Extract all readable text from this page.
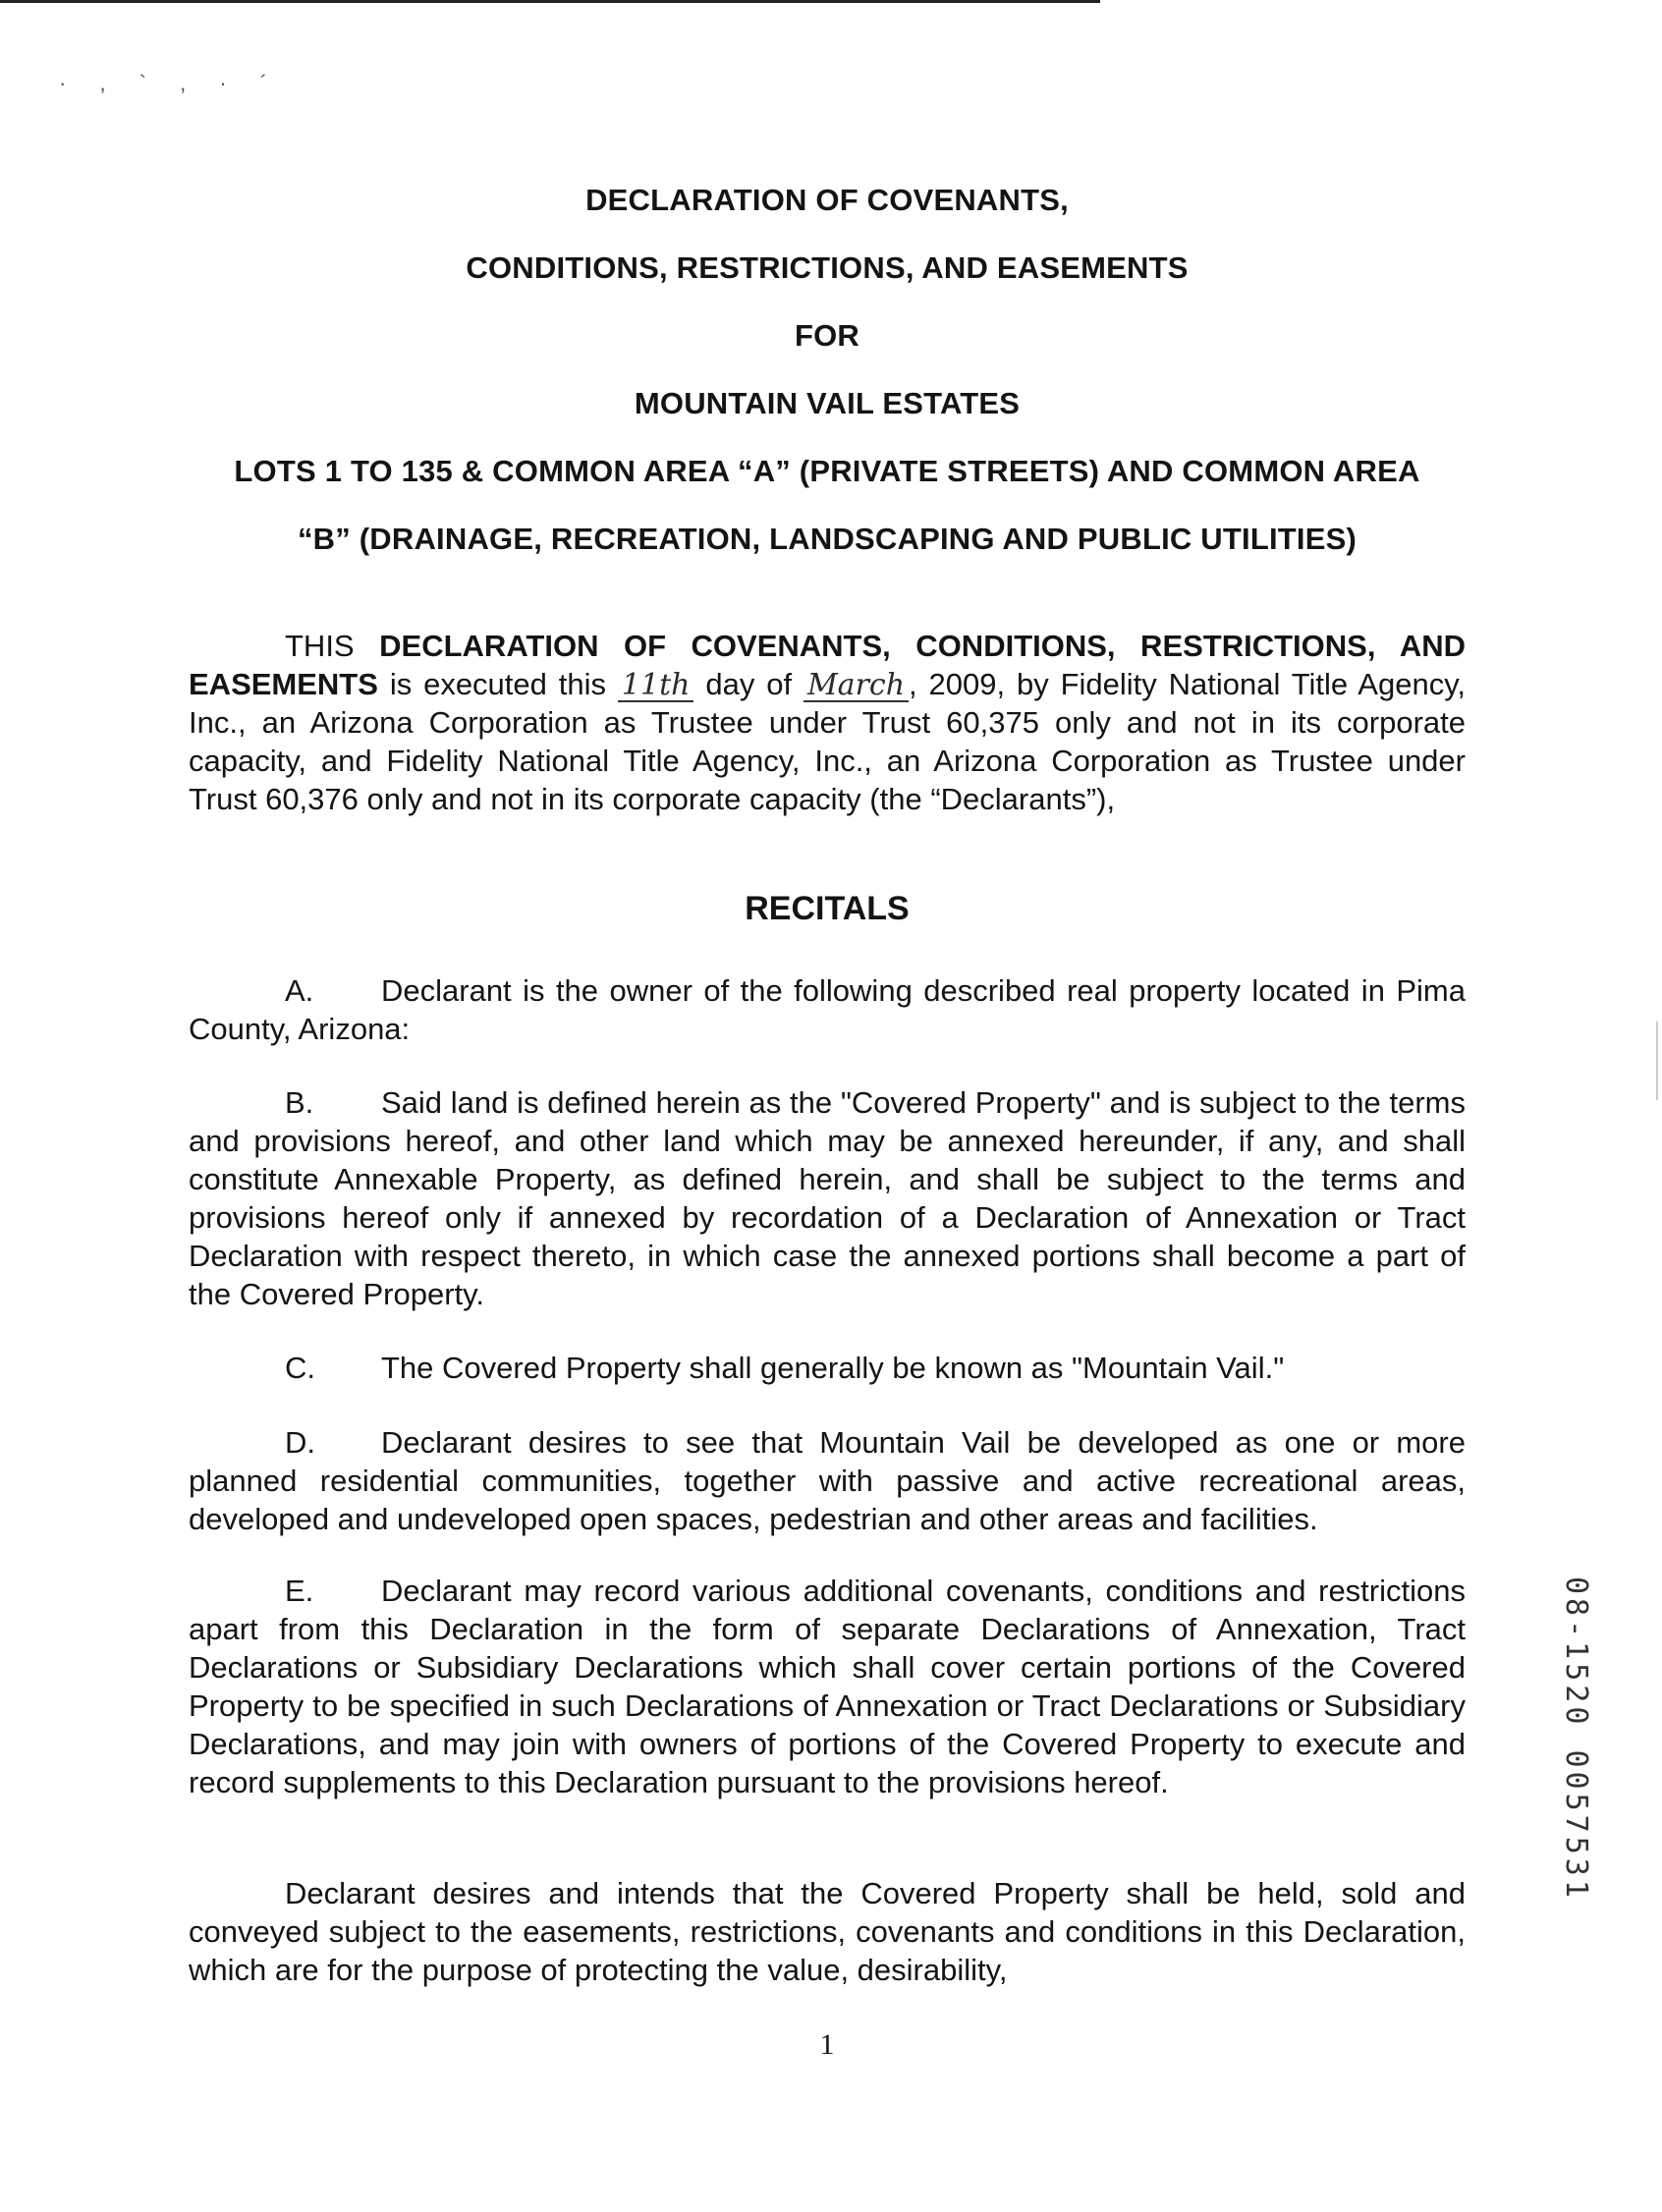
· , ` , · ´
DECLARATION OF COVENANTS,
CONDITIONS, RESTRICTIONS, AND EASEMENTS
FOR
MOUNTAIN VAIL ESTATES
LOTS 1 TO 135 & COMMON AREA “A” (PRIVATE STREETS) AND COMMON AREA
“B” (DRAINAGE, RECREATION, LANDSCAPING AND PUBLIC UTILITIES)

THIS DECLARATION OF COVENANTS, CONDITIONS, RESTRICTIONS, AND EASEMENTS is executed this 11th day of March , 2009, by Fidelity National Title Agency, Inc., an Arizona Corporation as Trustee under Trust 60,375 only and not in its corporate capacity, and Fidelity National Title Agency, Inc., an Arizona Corporation as Trustee under Trust 60,376 only and not in its corporate capacity (the “Declarants”),

RECITALS

A. Declarant is the owner of the following described real property located in Pima County, Arizona:

B. Said land is defined herein as the "Covered Property" and is subject to the terms and provisions hereof, and other land which may be annexed hereunder, if any, and shall constitute Annexable Property, as defined herein, and shall be subject to the terms and provisions hereof only if annexed by recordation of a Declaration of Annexation or Tract Declaration with respect thereto, in which case the annexed portions shall become a part of the Covered Property.

C. The Covered Property shall generally be known as "Mountain Vail."

D. Declarant desires to see that Mountain Vail be developed as one or more planned residential communities, together with passive and active recreational areas, developed and undeveloped open spaces, pedestrian and other areas and facilities.

E. Declarant may record various additional covenants, conditions and restrictions apart from this Declaration in the form of separate Declarations of Annexation, Tract Declarations or Subsidiary Declarations which shall cover certain portions of the Covered Property to be specified in such Declarations of Annexation or Tract Declarations or Subsidiary Declarations, and may join with owners of portions of the Covered Property to execute and record supplements to this Declaration pursuant to the provisions hereof.

Declarant desires and intends that the Covered Property shall be held, sold and conveyed subject to the easements, restrictions, covenants and conditions in this Declaration, which are for the purpose of protecting the value, desirability,

1
08-1520 0057531
